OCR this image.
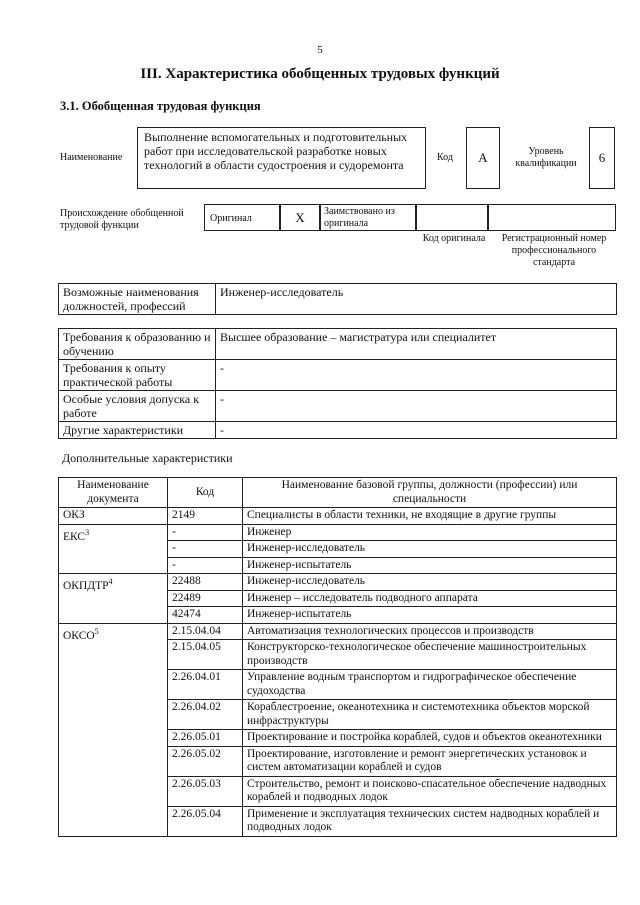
5
III. Характеристика обобщенных трудовых функций
3.1. Обобщенная трудовая функция
Наименование
Выполнение вспомогательных и подготовительных работ при исследовательской разработке новых технологий в области судостроения и судоремонта
Код	A	Уровень квалификации	6
Происхождение обобщенной трудовой функции
Оригинал	X	Заимствовано из оригинала
Код оригинала	Регистрационный номер профессионального стандарта
Возможные наименования должностей, профессий	Инженер-исследователь
Требования к образованию и обучению	Высшее образование – магистратура или специалитет
Требования к опыту практической работы	-
Особые условия допуска к работе	-
Другие характеристики	-
Дополнительные характеристики
Наименование документа	Код	Наименование базовой группы, должности (профессии) или специальности
ОКЗ	2149	Специалисты в области техники, не входящие в другие группы
ЕКС$^3$	-	Инженер
	-	Инженер-исследователь
	-	Инженер-испытатель
ОКПДТР$^4$	22488	Инженер-исследователь
	22489	Инженер – исследователь подводного аппарата
	42474	Инженер-испытатель
ОКСО$^5$	2.15.04.04	Автоматизация технологических процессов и производств
	2.15.04.05	Конструкторско-технологическое обеспечение машиностроительных производств
	2.26.04.01	Управление водным транспортом и гидрографическое обеспечение судоходства
	2.26.04.02	Кораблестроение, океанотехника и системотехника объектов морской инфраструктуры
	2.26.05.01	Проектирование и постройка кораблей, судов и объектов океанотехники
	2.26.05.02	Проектирование, изготовление и ремонт энергетических установок и систем автоматизации кораблей и судов
	2.26.05.03	Строительство, ремонт и поисково-спасательное обеспечение надводных кораблей и подводных лодок
	2.26.05.04	Применение и эксплуатация технических систем надводных кораблей и подводных лодок
